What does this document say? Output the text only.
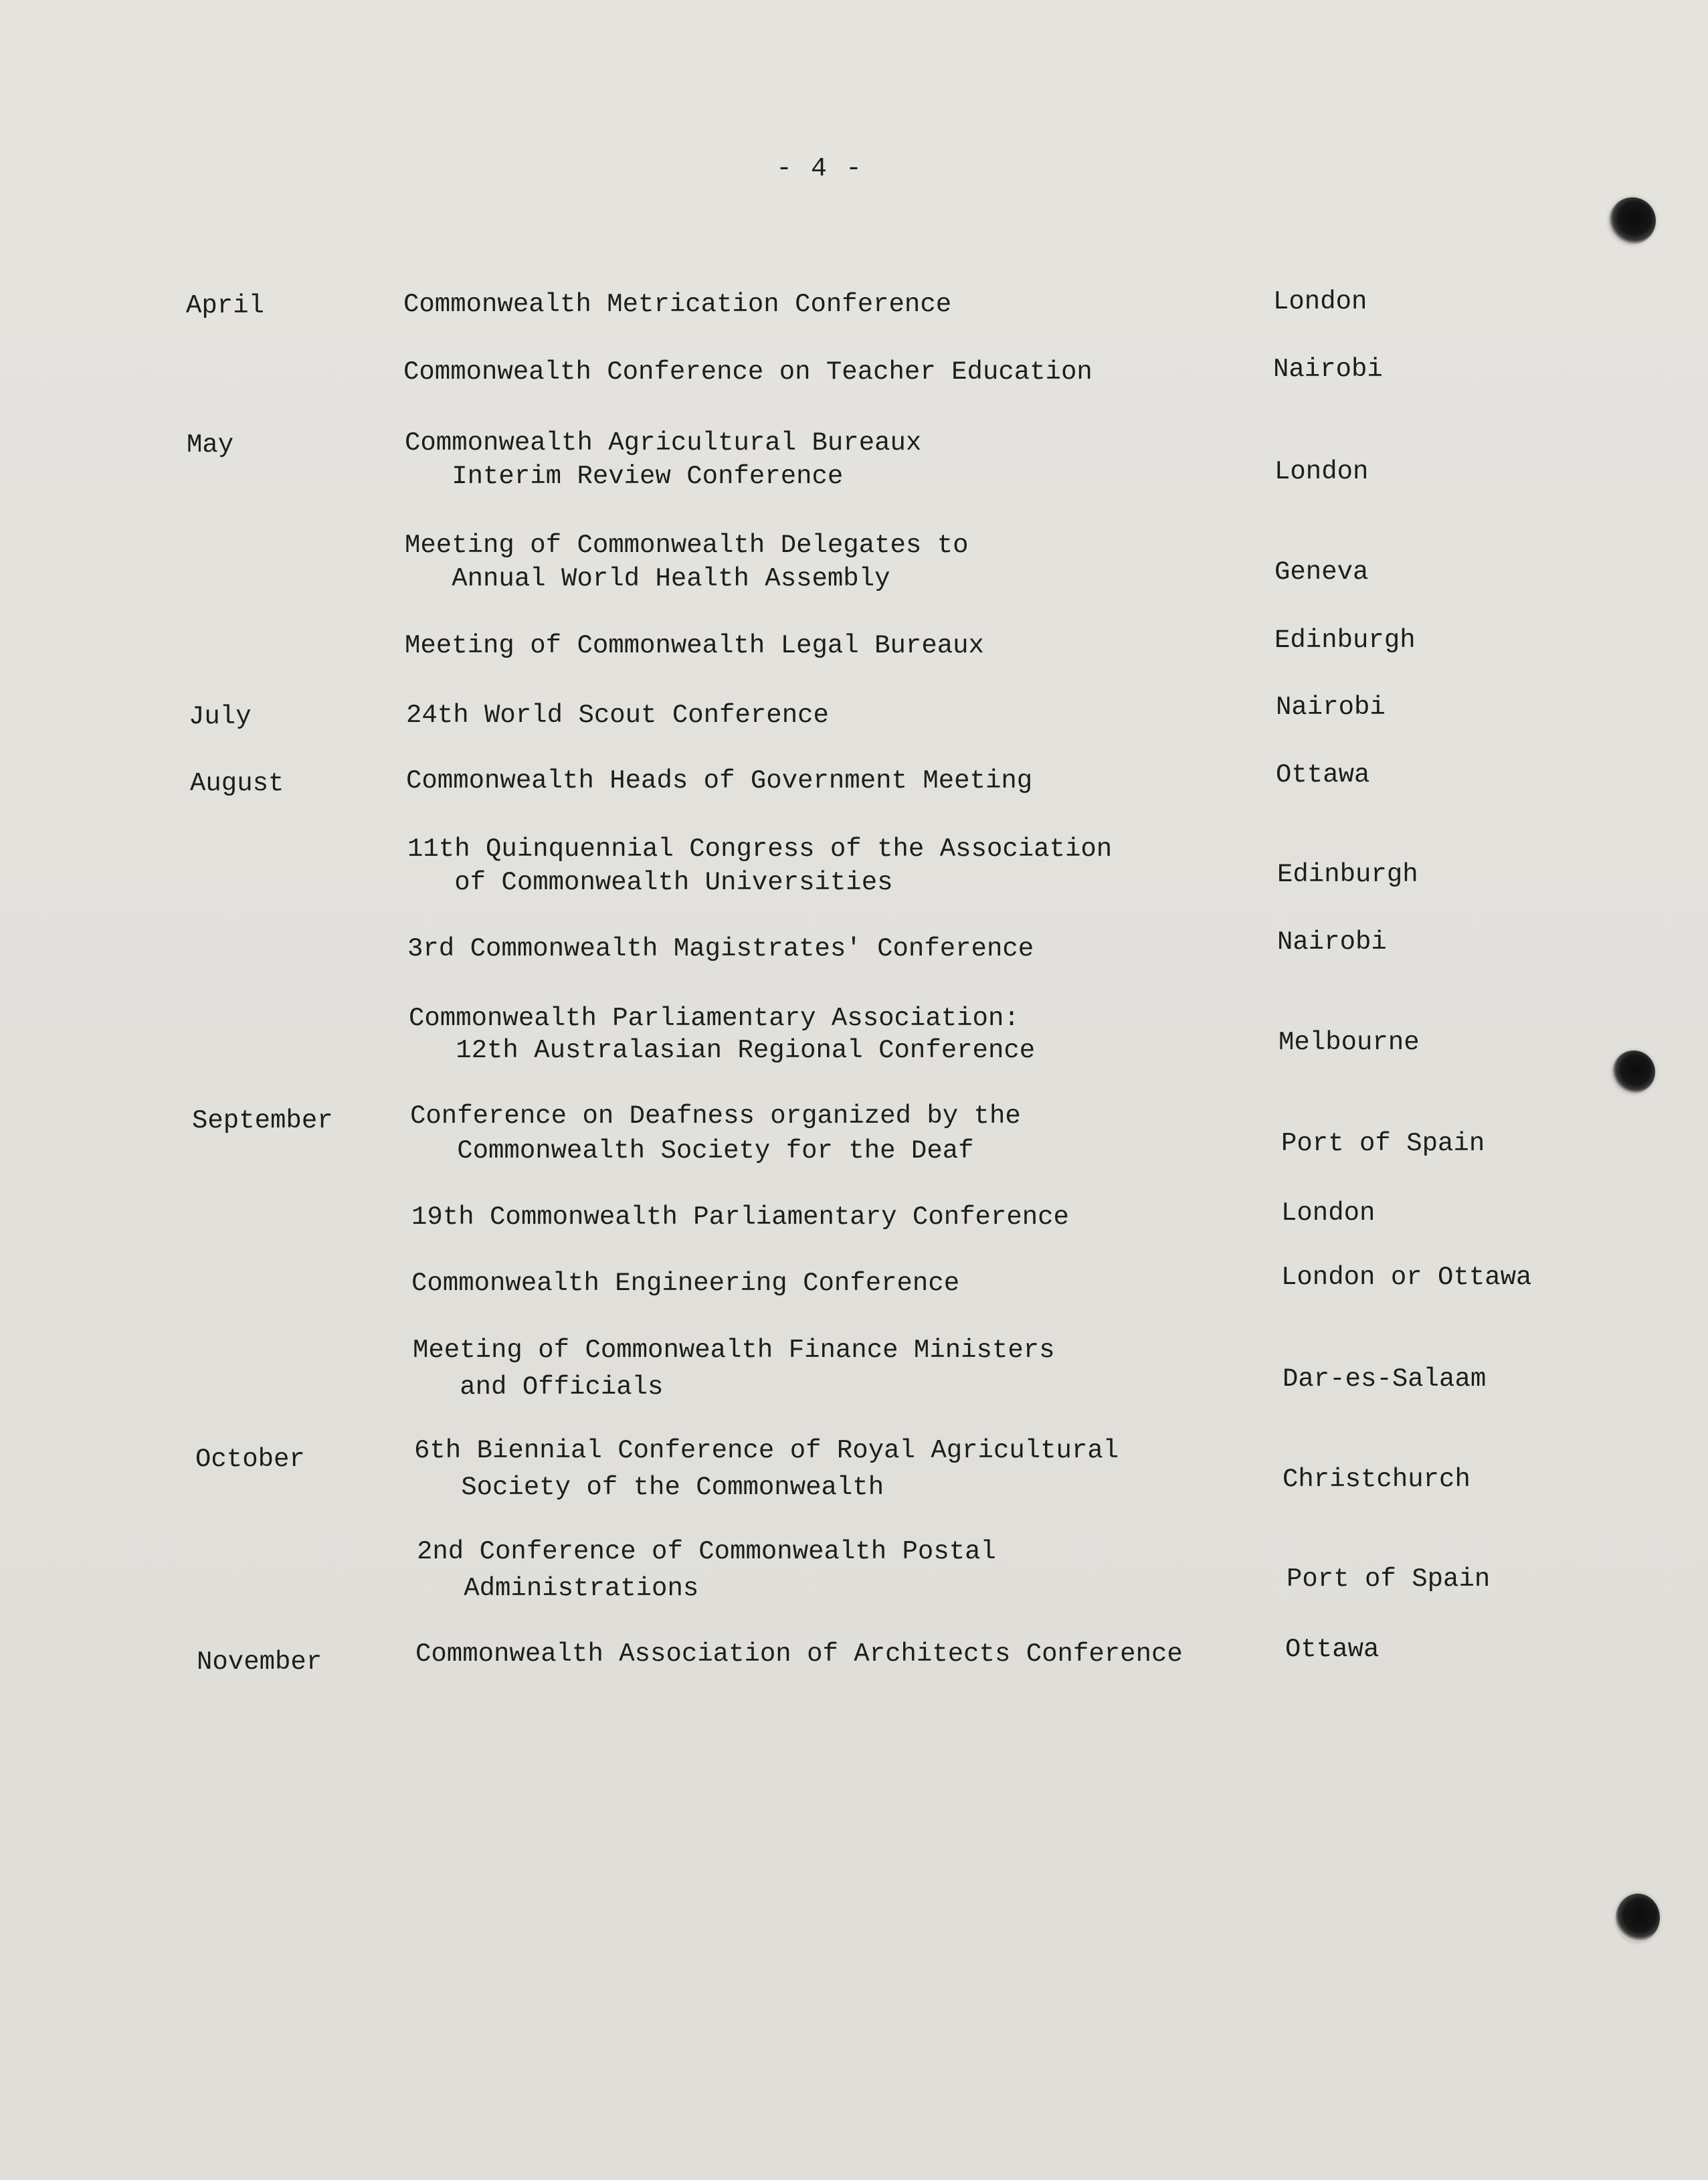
- 4 -
April	Commonwealth Metrication Conference	London
Commonwealth Conference on Teacher Education	Nairobi
May	Commonwealth Agricultural Bureaux
Interim Review Conference	London
Meeting of Commonwealth Delegates to
Annual World Health Assembly	Geneva
Meeting of Commonwealth Legal Bureaux	Edinburgh
July	24th World Scout Conference	Nairobi
August	Commonwealth Heads of Government Meeting	Ottawa
11th Quinquennial Congress of the Association
of Commonwealth Universities	Edinburgh
3rd Commonwealth Magistrates' Conference	Nairobi
Commonwealth Parliamentary Association:
12th Australasian Regional Conference	Melbourne
September	Conference on Deafness organized by the
Commonwealth Society for the Deaf	Port of Spain
19th Commonwealth Parliamentary Conference	London
Commonwealth Engineering Conference	London or Ottawa
Meeting of Commonwealth Finance Ministers
and Officials	Dar-es-Salaam
October	6th Biennial Conference of Royal Agricultural
Society of the Commonwealth	Christchurch
2nd Conference of Commonwealth Postal
Administrations	Port of Spain
November	Commonwealth Association of Architects Conference	Ottawa
